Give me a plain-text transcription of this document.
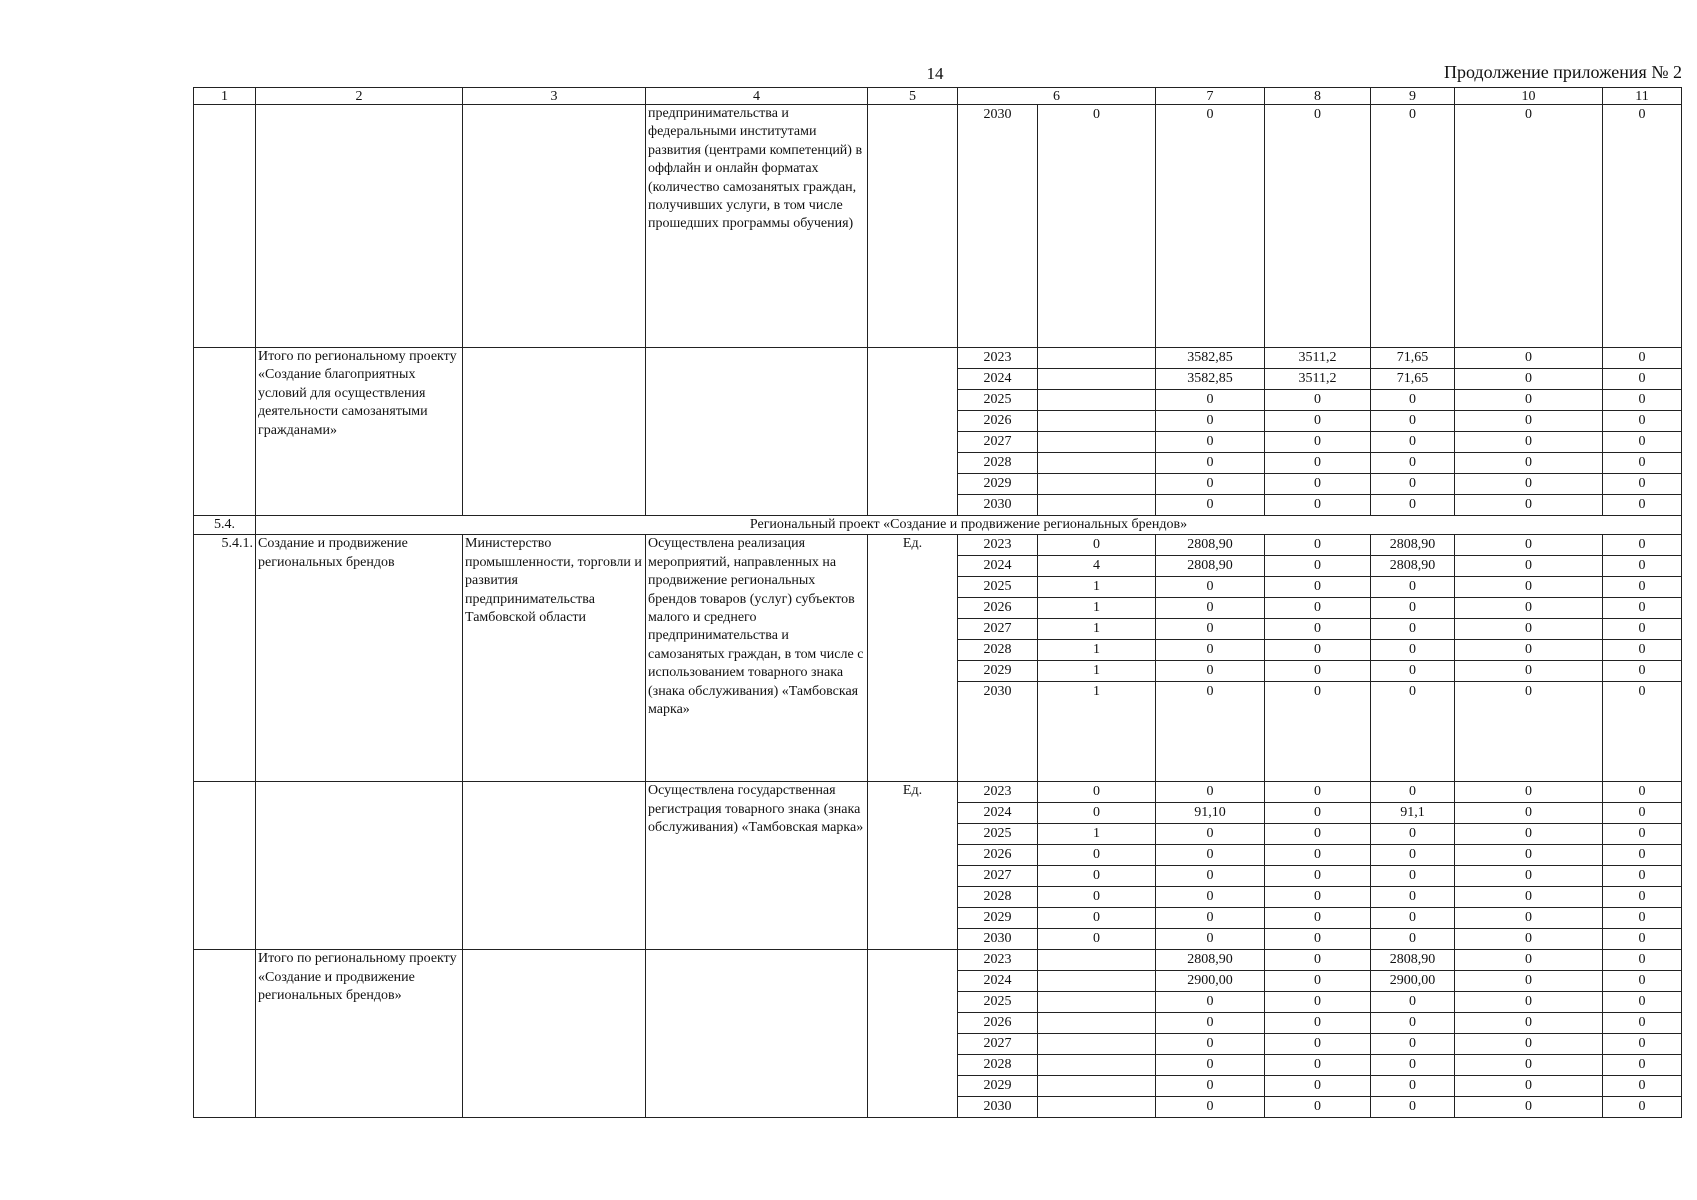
14	Продолжение приложения № 2
1	2	3	4	5	6		7	8	9	10	11
			предпринимательства и федеральными институтами развития (центрами компетенций) в оффлайн и онлайн форматах (количество самозанятых граждан, получивших услуги, в том числе прошедших программы обучения)		2030	0	0	0	0	0	0
	Итого по региональному проекту «Создание благоприятных условий для осуществления деятельности самозанятыми гражданами»				2023		3582,85	3511,2	71,65	0	0
					2024		3582,85	3511,2	71,65	0	0
					2025		0	0	0	0	0
					2026		0	0	0	0	0
					2027		0	0	0	0	0
					2028		0	0	0	0	0
					2029		0	0	0	0	0
					2030		0	0	0	0	0
5.4.	Региональный проект «Создание и продвижение региональных брендов»										
5.4.1.	Создание и продвижение региональных брендов	Министерство промышленности, торговли и развития предпринимательства Тамбовской области	Осуществлена реализация мероприятий, направленных на продвижение региональных брендов товаров (услуг) субъектов малого и среднего предпринимательства и самозанятых граждан, в том числе с использованием товарного знака (знака обслуживания) «Тамбовская марка»	Ед.	2023	0	2808,90	0	2808,90	0	0
					2024	4	2808,90	0	2808,90	0	0
					2025	1	0	0	0	0	0
					2026	1	0	0	0	0	0
					2027	1	0	0	0	0	0
					2028	1	0	0	0	0	0
					2029	1	0	0	0	0	0
					2030	1	0	0	0	0	0
			Осуществлена государственная регистрация товарного знака (знака обслуживания) «Тамбовская марка»	Ед.	2023	0	0	0	0	0	0
					2024	0	91,10	0	91,1	0	0
					2025	1	0	0	0	0	0
					2026	0	0	0	0	0	0
					2027	0	0	0	0	0	0
					2028	0	0	0	0	0	0
					2029	0	0	0	0	0	0
					2030	0	0	0	0	0	0
	Итого по региональному проекту «Создание и продвижение региональных брендов»				2023		2808,90	0	2808,90	0	0
					2024		2900,00	0	2900,00	0	0
					2025		0	0	0	0	0
					2026		0	0	0	0	0
					2027		0	0	0	0	0
					2028		0	0	0	0	0
					2029		0	0	0	0	0
					2030		0	0	0	0	0
